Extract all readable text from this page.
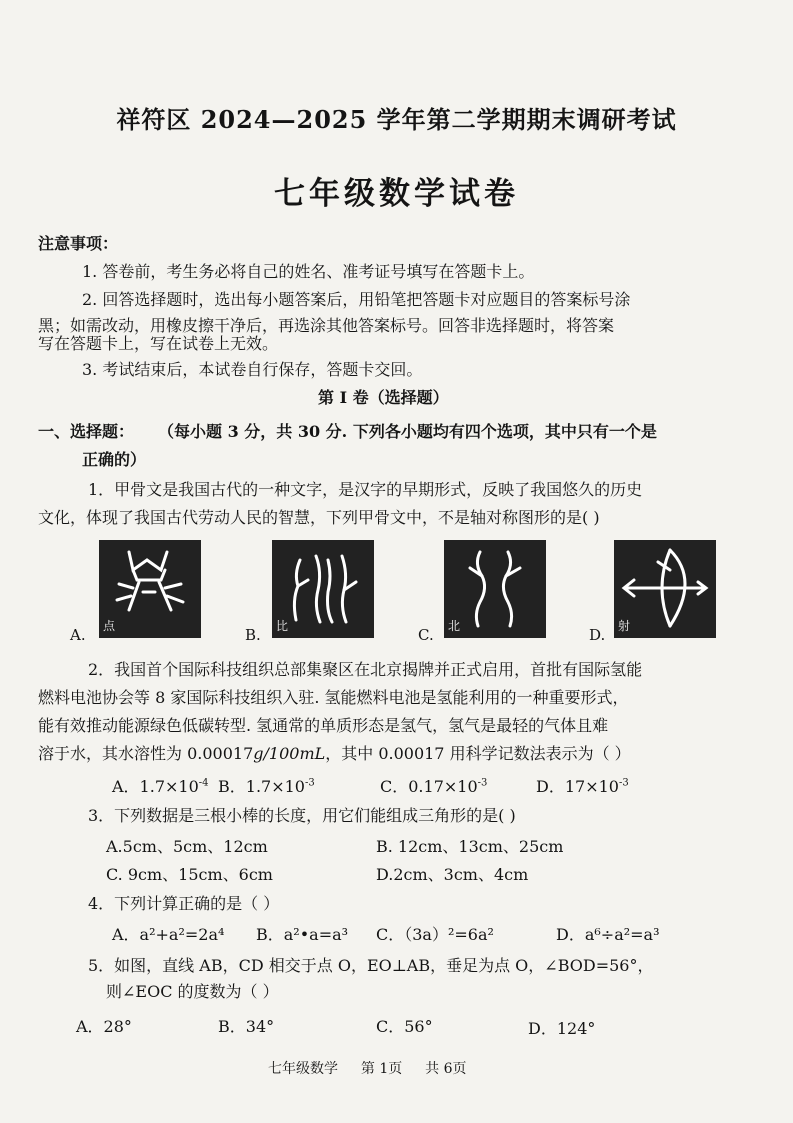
祥符区 2024—2025 学年第二学期期末调研考试
七年级数学试卷
注意事项：
1. 答卷前，考生务必将自己的姓名、准考证号填写在答题卡上。
2. 回答选择题时，选出每小题答案后，用铅笔把答题卡对应题目的答案标号涂
黑；如需改动，用橡皮擦干净后，再选涂其他答案标号。回答非选择题时，将答案
写在答题卡上，写在试卷上无效。
3. 考试结束后，本试卷自行保存，答题卡交回。
第 I 卷（选择题）
一、选择题： （每小题 3 分，共 30 分. 下列各小题均有四个选项，其中只有一个是
正确的）
1．甲骨文是我国古代的一种文字，是汉字的早期形式，反映了我国悠久的历史
文化，体现了我国古代劳动人民的智慧，下列甲骨文中，不是轴对称图形的是( )
A. 点	B. 比	C. 北	D. 射
2．我国首个国际科技组织总部集聚区在北京揭牌并正式启用，首批有国际氢能
燃料电池协会等 8 家国际科技组织入驻. 氢能燃料电池是氢能利用的一种重要形式，
能有效推动能源绿色低碳转型. 氢通常的单质形态是氢气，氢气是最轻的气体且难
溶于水，其水溶性为 0.00017g/100mL，其中 0.00017 用科学记数法表示为（ ）
A．$1.7\times 10^{-4}$ B．$1.7\times 10^{-3}$	C．$0.17\times 10^{-3}$	D．$17\times 10^{-3}$
3．下列数据是三根小棒的长度，用它们能组成三角形的是( )
A.5cm、5cm、12cm	B. 12cm、13cm、25cm
C. 9cm、15cm、6cm	D.2cm、3cm、4cm
4．下列计算正确的是（ ）
A．a²+a²=2a⁴ B．a²•a=a³ C．（3a）²=6a²	D．a⁶÷a²=a³
5．如图，直线 AB，CD 相交于点 O，EO⊥AB，垂足为点 O，∠BOD=56°，
则∠EOC 的度数为（ ）
A．28°	B．34°	C．56°	D．124°
七年级数学 第 1页 共 6页
